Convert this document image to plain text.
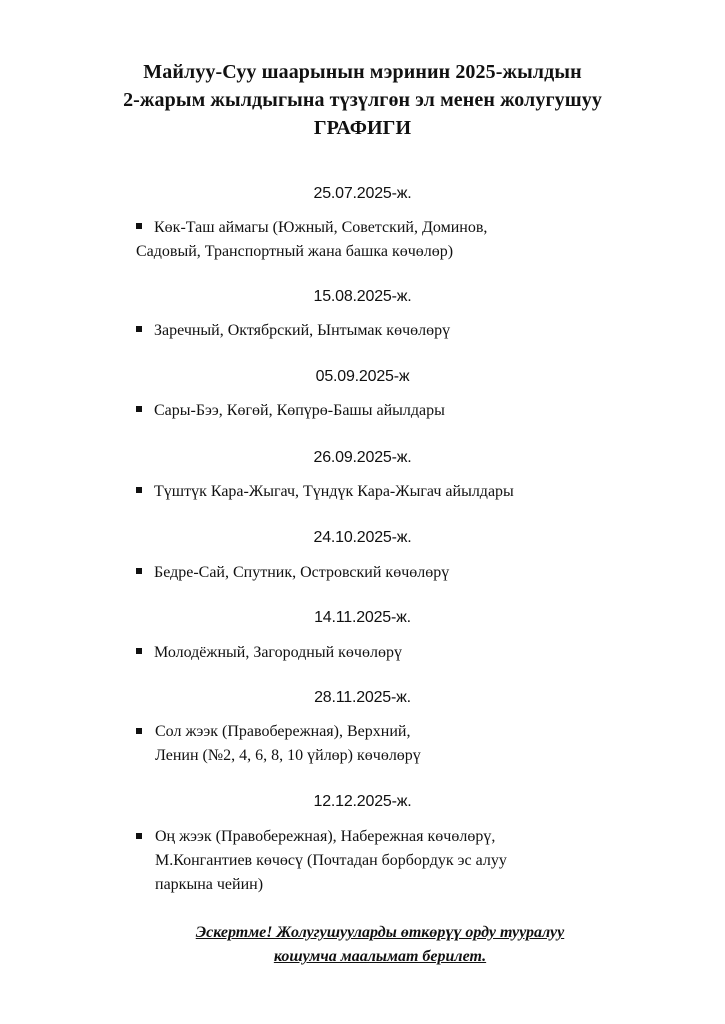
Майлуу-Суу шаарынын мэринин 2025-жылдын
2-жарым жылдыгына түзүлгөн эл менен жолугушуу
ГРАФИГИ
25.07.2025-ж.
Көк-Таш аймагы (Южный, Советский, Доминов,
Садовый, Транспортный жана башка көчөлөр)
15.08.2025-ж.
Заречный, Октябрский, Ынтымак көчөлөрү
05.09.2025-ж
Сары-Бээ, Көгөй, Көпүрө-Башы айылдары
26.09.2025-ж.
Түштүк Кара-Жыгач, Түндүк Кара-Жыгач айылдары
24.10.2025-ж.
Бедре-Сай, Спутник, Островский көчөлөрү
14.11.2025-ж.
Молодёжный, Загородный көчөлөрү
28.11.2025-ж.
Сол жээк (Правобережная), Верхний,
Ленин (№2, 4, 6, 8, 10 үйлөр) көчөлөрү
12.12.2025-ж.
Оң жээк (Правобережная), Набережная көчөлөрү,
М.Конгантиев көчөсү (Почтадан борбордук эс алуу
паркына чейин)
Эскертме! Жолугушууларды өткөрүү орду тууралуу
кошумча маалымат берилет.
